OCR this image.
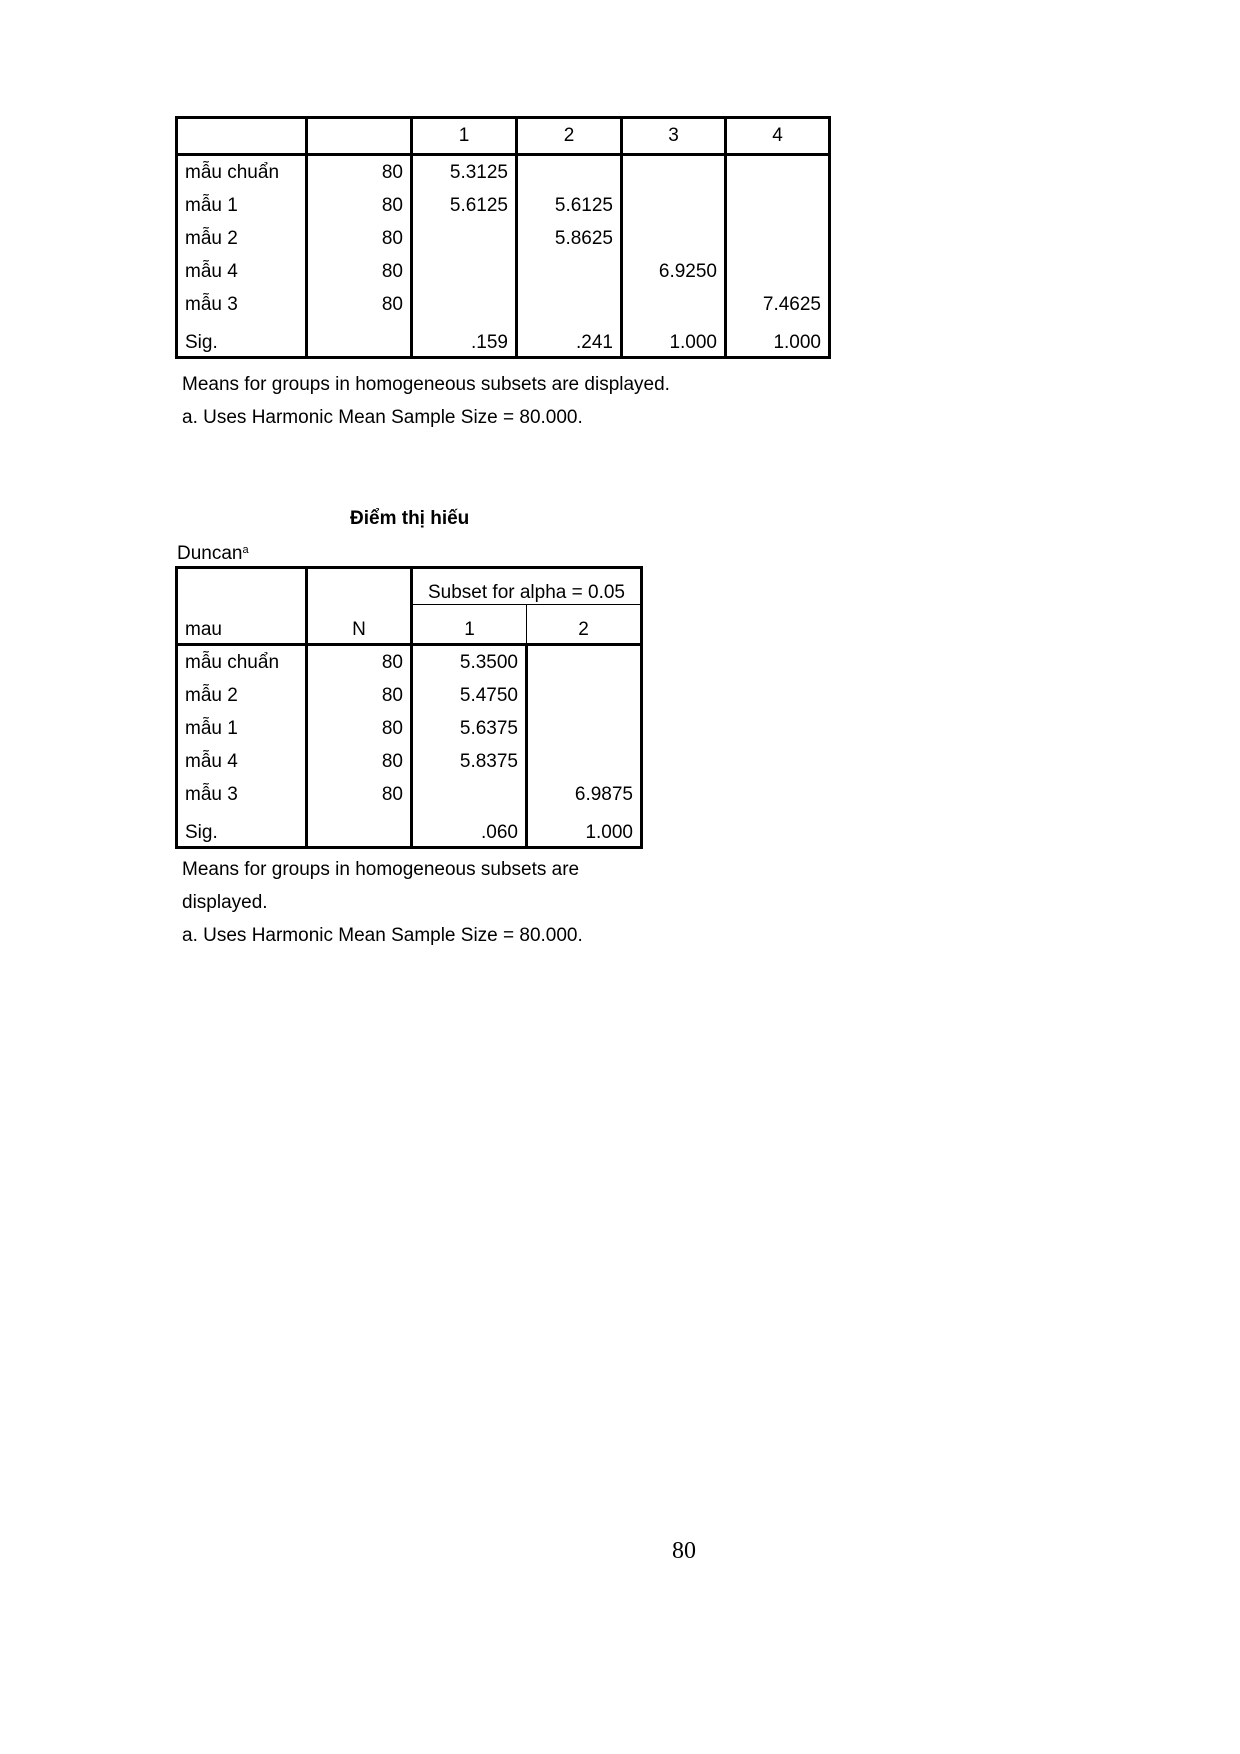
		1	2	3	4
mẫu chuẩn	80	5.3125			
mẫu 1	80	5.6125	5.6125		
mẫu 2	80		5.8625		
mẫu 4	80			6.9250	
mẫu 3	80				7.4625
Sig.		.159	.241	1.000	1.000
Means for groups in homogeneous subsets are displayed.
a. Uses Harmonic Mean Sample Size = 80.000.
Điểm thị hiếu
Duncan$^a$
mau	N	Subset for alpha = 0.05	
		1	2
mẫu chuẩn	80	5.3500	
mẫu 2	80	5.4750	
mẫu 1	80	5.6375	
mẫu 4	80	5.8375	
mẫu 3	80		6.9875
Sig.		.060	1.000
Means for groups in homogeneous subsets are
displayed.
a. Uses Harmonic Mean Sample Size = 80.000.
80
